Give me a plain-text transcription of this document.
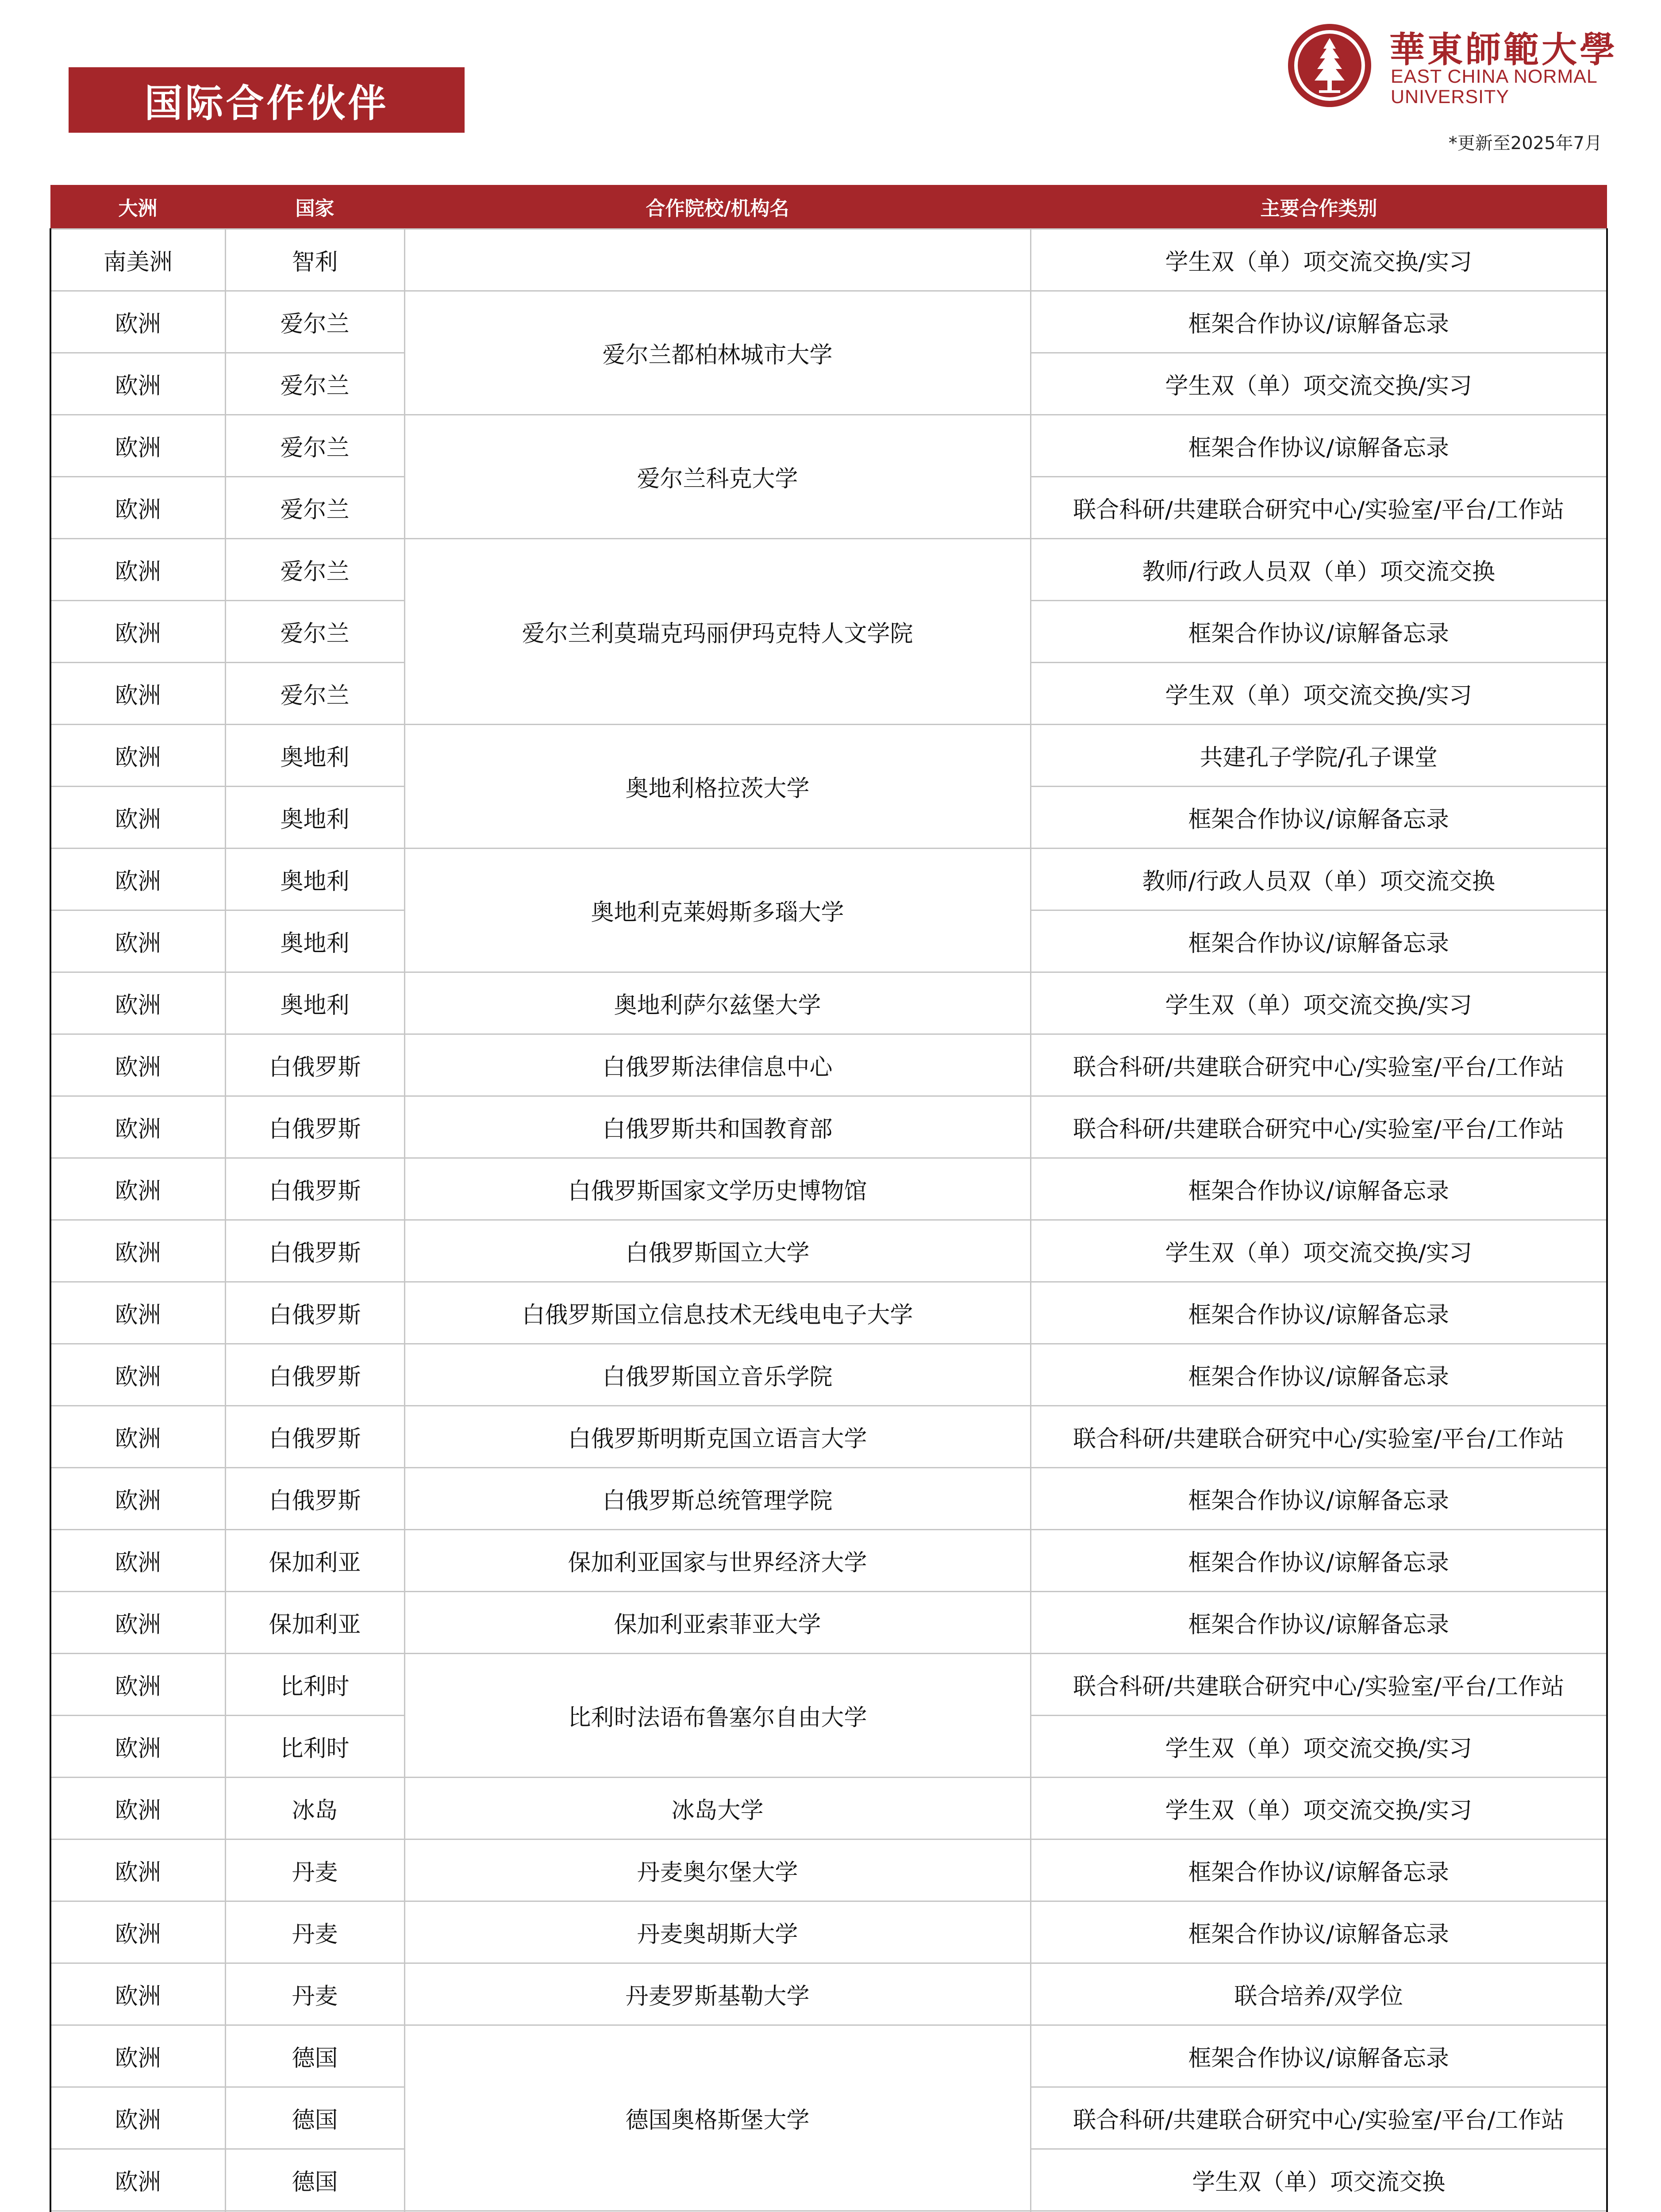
国际合作伙伴
華東師範大學
EAST CHINA NORMAL
UNIVERSITY
*更新至2025年7月
大洲	国家	合作院校/机构名	主要合作类别
南美洲	智利		学生双（单）项交流交换/实习
欧洲	爱尔兰	爱尔兰都柏林城市大学	框架合作协议/谅解备忘录
欧洲	爱尔兰		学生双（单）项交流交换/实习
欧洲	爱尔兰	爱尔兰科克大学	框架合作协议/谅解备忘录
欧洲	爱尔兰		联合科研/共建联合研究中心/实验室/平台/工作站
欧洲	爱尔兰	爱尔兰利莫瑞克玛丽伊玛克特人文学院	教师/行政人员双（单）项交流交换
欧洲	爱尔兰		框架合作协议/谅解备忘录
欧洲	爱尔兰		学生双（单）项交流交换/实习
欧洲	奥地利	奥地利格拉茨大学	共建孔子学院/孔子课堂
欧洲	奥地利		框架合作协议/谅解备忘录
欧洲	奥地利	奥地利克莱姆斯多瑙大学	教师/行政人员双（单）项交流交换
欧洲	奥地利		框架合作协议/谅解备忘录
欧洲	奥地利	奥地利萨尔兹堡大学	学生双（单）项交流交换/实习
欧洲	白俄罗斯	白俄罗斯法律信息中心	联合科研/共建联合研究中心/实验室/平台/工作站
欧洲	白俄罗斯	白俄罗斯共和国教育部	联合科研/共建联合研究中心/实验室/平台/工作站
欧洲	白俄罗斯	白俄罗斯国家文学历史博物馆	框架合作协议/谅解备忘录
欧洲	白俄罗斯	白俄罗斯国立大学	学生双（单）项交流交换/实习
欧洲	白俄罗斯	白俄罗斯国立信息技术无线电电子大学	框架合作协议/谅解备忘录
欧洲	白俄罗斯	白俄罗斯国立音乐学院	框架合作协议/谅解备忘录
欧洲	白俄罗斯	白俄罗斯明斯克国立语言大学	联合科研/共建联合研究中心/实验室/平台/工作站
欧洲	白俄罗斯	白俄罗斯总统管理学院	框架合作协议/谅解备忘录
欧洲	保加利亚	保加利亚国家与世界经济大学	框架合作协议/谅解备忘录
欧洲	保加利亚	保加利亚索菲亚大学	框架合作协议/谅解备忘录
欧洲	比利时	比利时法语布鲁塞尔自由大学	联合科研/共建联合研究中心/实验室/平台/工作站
欧洲	比利时		学生双（单）项交流交换/实习
欧洲	冰岛	冰岛大学	学生双（单）项交流交换/实习
欧洲	丹麦	丹麦奥尔堡大学	框架合作协议/谅解备忘录
欧洲	丹麦	丹麦奥胡斯大学	框架合作协议/谅解备忘录
欧洲	丹麦	丹麦罗斯基勒大学	联合培养/双学位
欧洲	德国	德国奥格斯堡大学	框架合作协议/谅解备忘录
欧洲	德国		联合科研/共建联合研究中心/实验室/平台/工作站
欧洲	德国		学生双（单）项交流交换
